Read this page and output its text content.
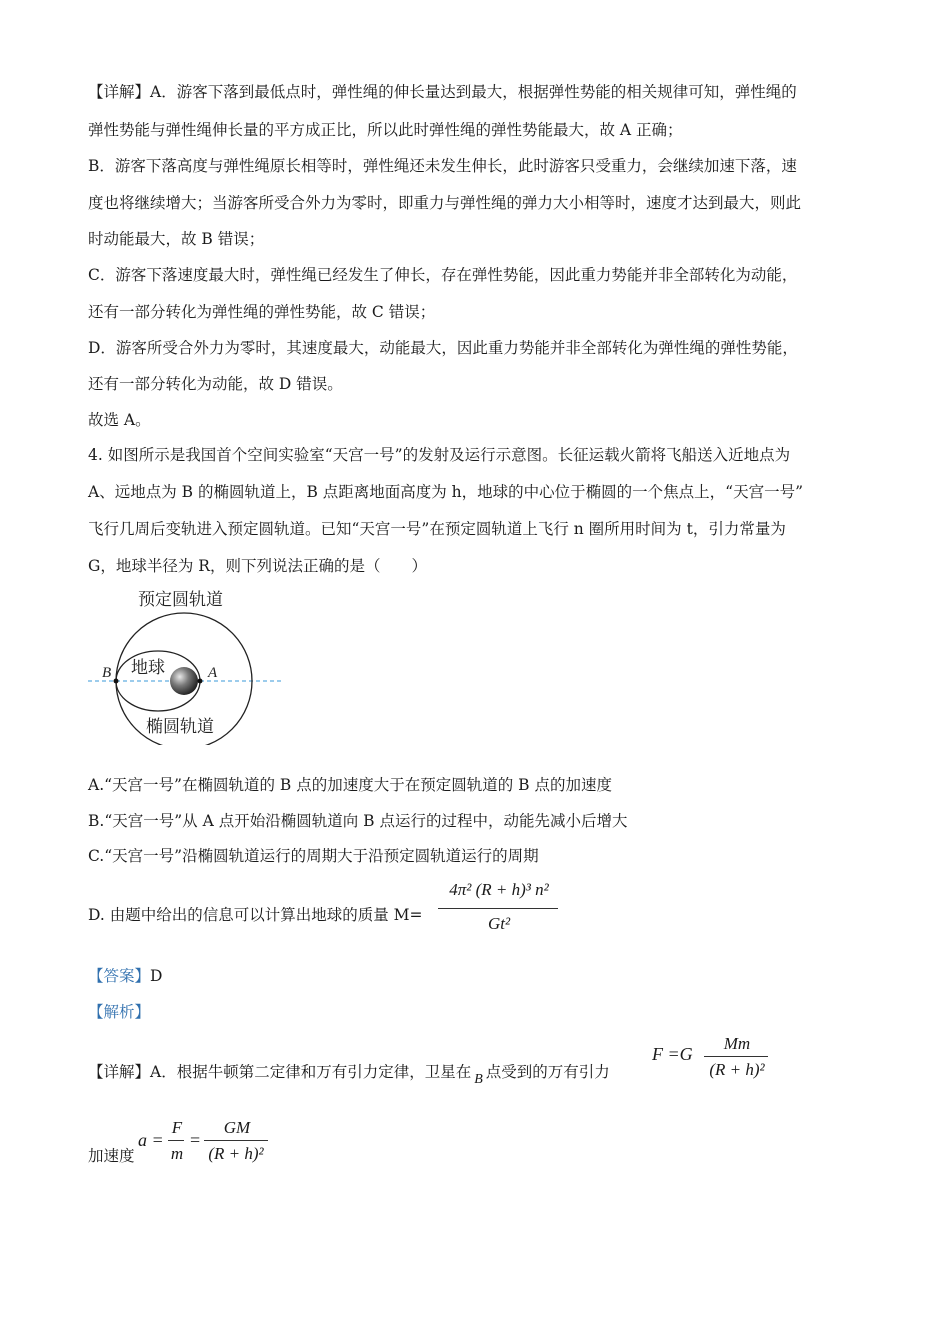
【详解】A．游客下落到最低点时，弹性绳的伸长量达到最大，根据弹性势能的相关规律可知，弹性绳的
弹性势能与弹性绳伸长量的平方成正比，所以此时弹性绳的弹性势能最大，故 A 正确；
B．游客下落高度与弹性绳原长相等时，弹性绳还未发生伸长，此时游客只受重力，会继续加速下落，速
度也将继续增大；当游客所受合外力为零时，即重力与弹性绳的弹力大小相等时，速度才达到最大，则此
时动能最大，故 B 错误；
C．游客下落速度最大时，弹性绳已经发生了伸长，存在弹性势能，因此重力势能并非全部转化为动能，
还有一部分转化为弹性绳的弹性势能，故 C 错误；
D．游客所受合外力为零时，其速度最大，动能最大，因此重力势能并非全部转化为弹性绳的弹性势能，
还有一部分转化为动能，故 D 错误。
故选 A。
4. 如图所示是我国首个空间实验室“天宫一号”的发射及运行示意图。长征运载火箭将飞船送入近地点为
A、远地点为 B 的椭圆轨道上，B 点距离地面高度为 h，地球的中心位于椭圆的一个焦点上，“天宫一号”
飞行几周后变轨进入预定圆轨道。已知“天宫一号”在预定圆轨道上飞行 n 圈所用时间为 t，引力常量为
G，地球半径为 R，则下列说法正确的是（　　）
预定圆轨道
地球
椭圆轨道
B	A
A.“天宫一号”在椭圆轨道的 B 点的加速度大于在预定圆轨道的 B 点的加速度
B.“天宫一号”从 A 点开始沿椭圆轨道向 B 点运行的过程中，动能先减小后增大
C.“天宫一号”沿椭圆轨道运行的周期大于沿预定圆轨道运行的周期
D. 由题中给出的信息可以计算出地球的质量 M=
4π² (R + h)³ n²
Gt²
【答案】D
【解析】
【详解】A．根据牛顿第二定律和万有引力定律，卫星在 B 点受到的万有引力
F =G
Mm
(R + h)²
加速度
a =
F
m
=
GM
(R + h)²
